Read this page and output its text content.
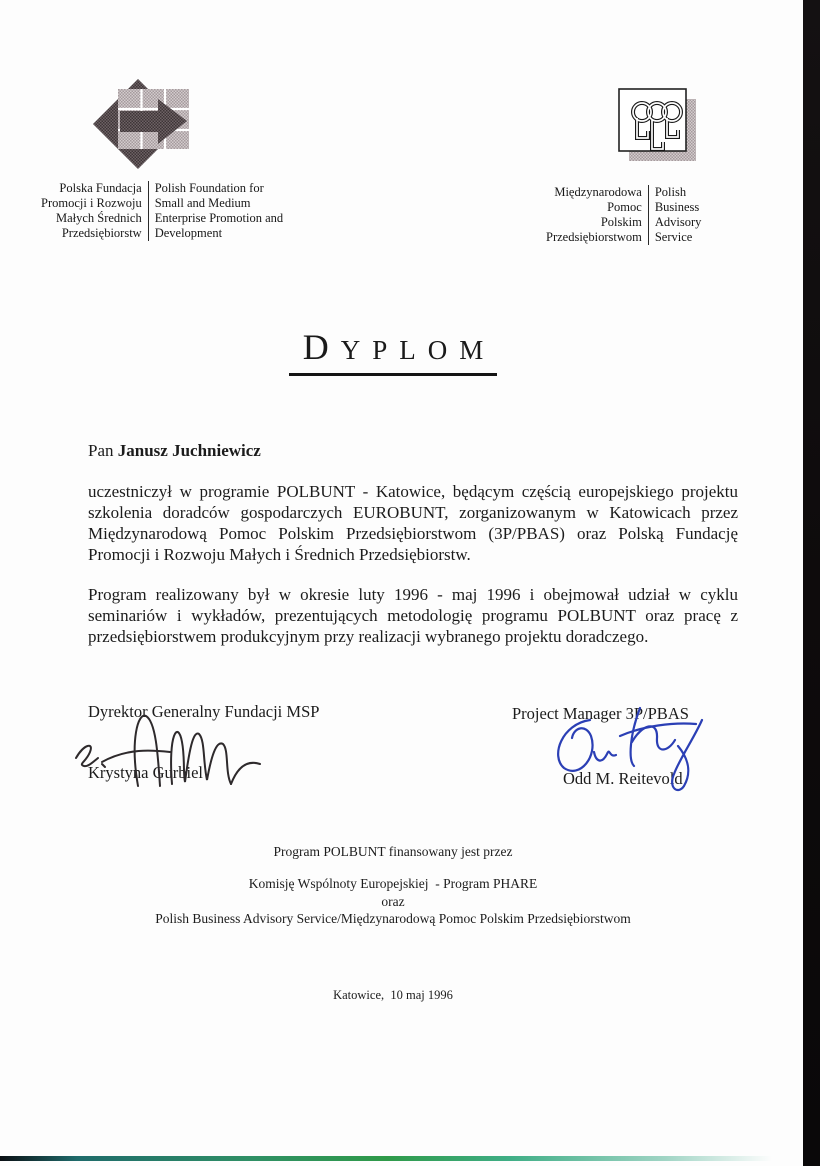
Polska Fundacja
Promocji i Rozwoju
Małych Średnich
Przedsiębiorstw
Polish Foundation for
Small and Medium
Enterprise Promotion and
Development
Międzynarodowa
Pomoc
Polskim
Przedsiębiorstwom
Polish
Business
Advisory
Service
DYPLOM
Pan Janusz Juchniewicz
uczestniczył w programie POLBUNT - Katowice, będącym częścią europejskiego projektu szkolenia doradców gospodarczych EUROBUNT, zorganizowanym w Katowicach przez Międzynarodową Pomoc Polskim Przedsiębiorstwom (3P/PBAS) oraz Polską Fundację Promocji i Rozwoju Małych i Średnich Przedsiębiorstw.
Program realizowany był w okresie luty 1996 - maj 1996 i obejmował udział w cyklu seminariów i wykładów, prezentujących metodologię programu POLBUNT oraz pracę z przedsiębiorstwem produkcyjnym przy realizacji wybranego projektu doradczego.
Dyrektor Generalny Fundacji MSP
Krystyna Gurbiel
Project Manager 3P/PBAS
Odd M. Reitevold
Program POLBUNT finansowany jest przez
Komisję Wspólnoty Europejskiej  - Program PHARE
oraz
Polish Business Advisory Service/Międzynarodową Pomoc Polskim Przedsiębiorstwom
Katowice,  10 maj 1996
